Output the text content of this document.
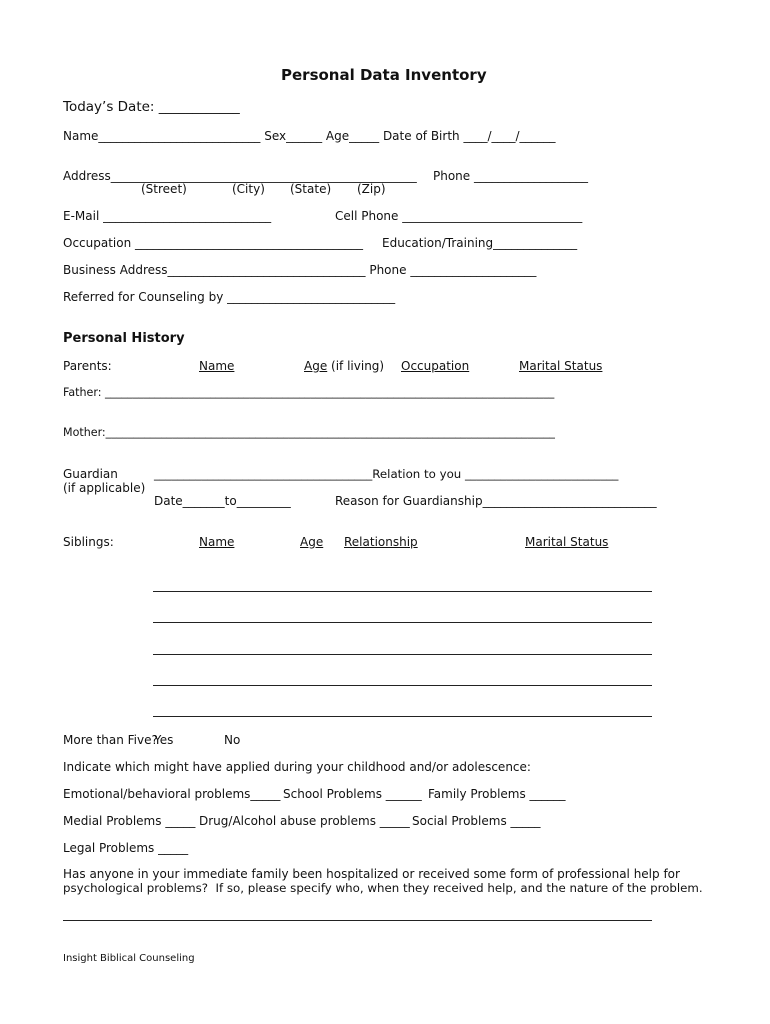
Personal Data Inventory
Today’s Date: ____________
Name___________________________ Sex______ Age_____ Date of Birth ____/____/______
Address___________________________________________________ Phone ___________________
(Street)	(City) (State) (Zip)
E-Mail ____________________________	Cell Phone ______________________________
Occupation ______________________________________ Education/Training______________
Business Address_________________________________ Phone _____________________
Referred for Counseling by ____________________________
Personal History
Parents:	Name	Age (if living) Occupation	Marital Status
Father: _________________________________________________________________________________
Mother:_________________________________________________________________________________
Guardian
(if applicable)
_____________________________________Relation to you __________________________
Date_______to_________	Reason for Guardianship_____________________________
Siblings:	Name	Age Relationship	Marital Status
More than Five?
Yes	No
Indicate which might have applied during your childhood and/or adolescence:
Emotional/behavioral problems_____ School Problems ______ Family Problems ______
Medial Problems _____ Drug/Alcohol abuse problems _____ Social Problems _____
Legal Problems _____
Has anyone in your immediate family been hospitalized or received some form of professional help for
psychological problems?  If so, please specify who, when they received help, and the nature of the problem.
Insight Biblical Counseling
